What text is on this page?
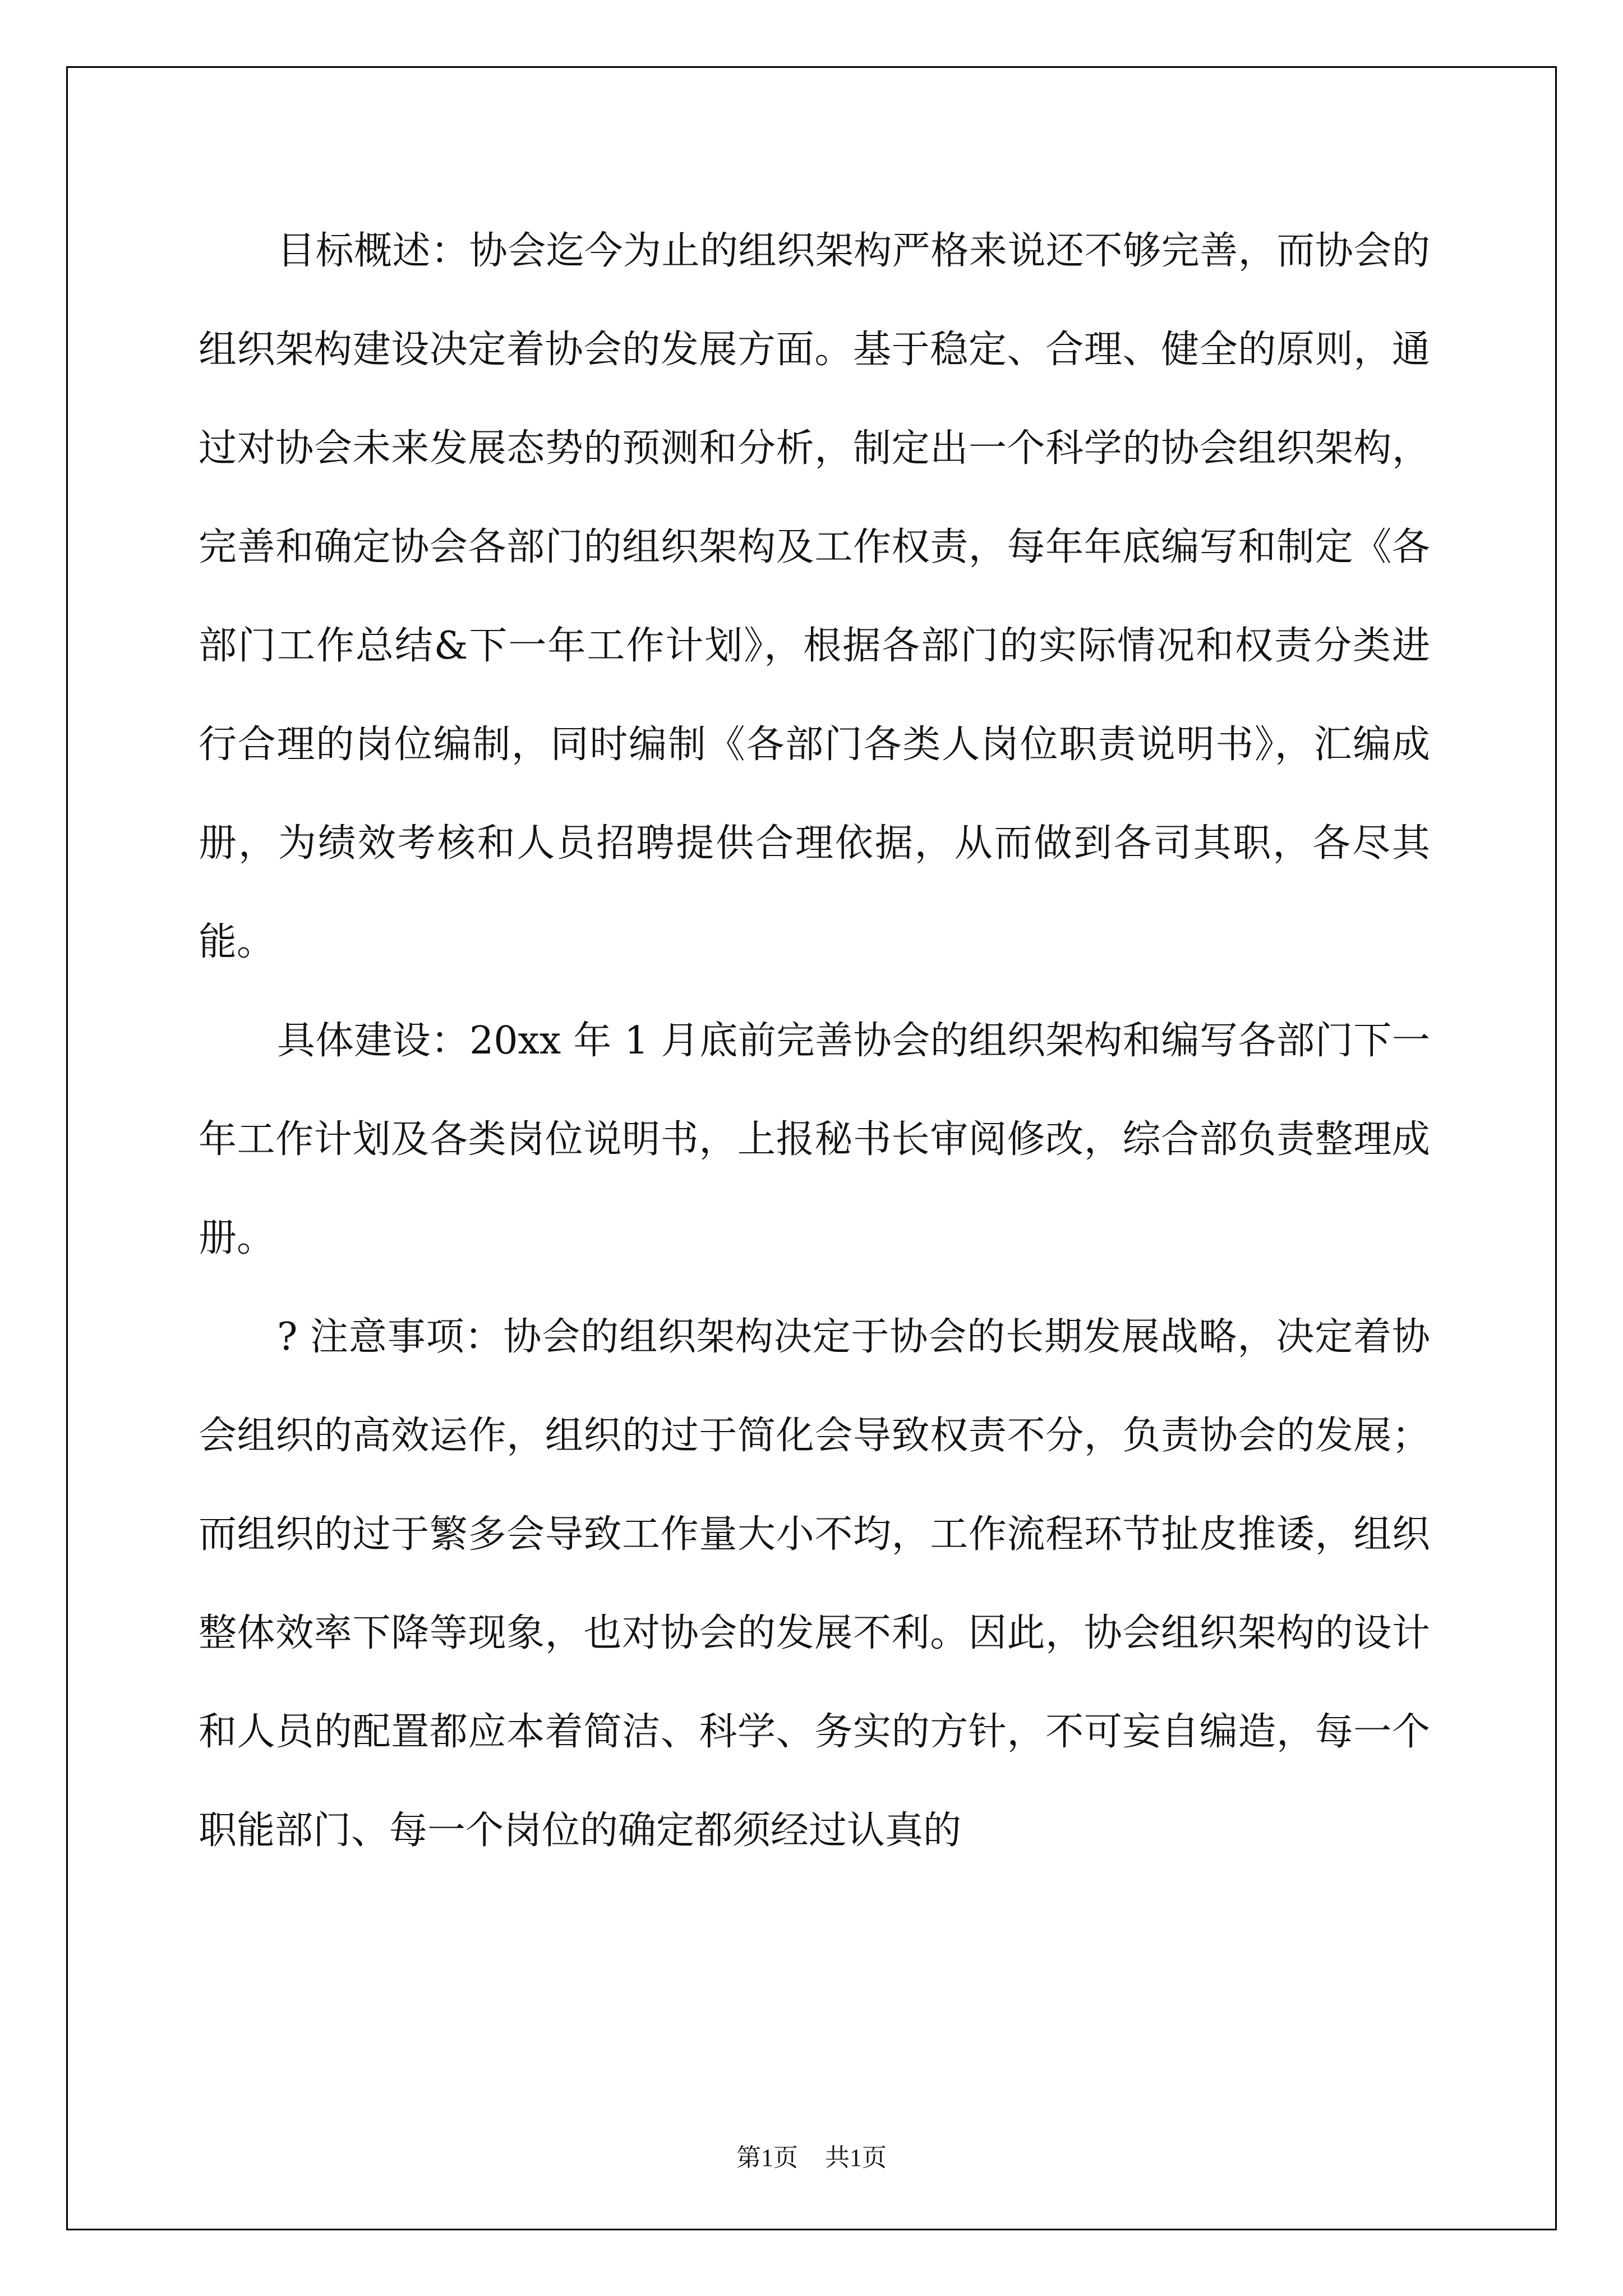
目标概述：协会迄今为止的组织架构严格来说还不够完善，而协会的组织架构建设决定着协会的发展方面。基于稳定、合理、健全的原则，通过对协会未来发展态势的预测和分析，制定出一个科学的协会组织架构，完善和确定协会各部门的组织架构及工作权责，每年年底编写和制定《各部门工作总结&下一年工作计划》，根据各部门的实际情况和权责分类进行合理的岗位编制，同时编制《各部门各类人岗位职责说明书》，汇编成册，为绩效考核和人员招聘提供合理依据，从而做到各司其职，各尽其能。

具体建设：20xx 年 1 月底前完善协会的组织架构和编写各部门下一年工作计划及各类岗位说明书，上报秘书长审阅修改，综合部负责整理成册。

? 注意事项：协会的组织架构决定于协会的长期发展战略，决定着协会组织的高效运作，组织的过于简化会导致权责不分，负责协会的发展；而组织的过于繁多会导致工作量大小不均，工作流程环节扯皮推诿，组织整体效率下降等现象，也对协会的发展不利。因此，协会组织架构的设计和人员的配置都应本着简洁、科学、务实的方针，不可妄自编造，每一个职能部门、每一个岗位的确定都须经过认真的

第1页 共1页
